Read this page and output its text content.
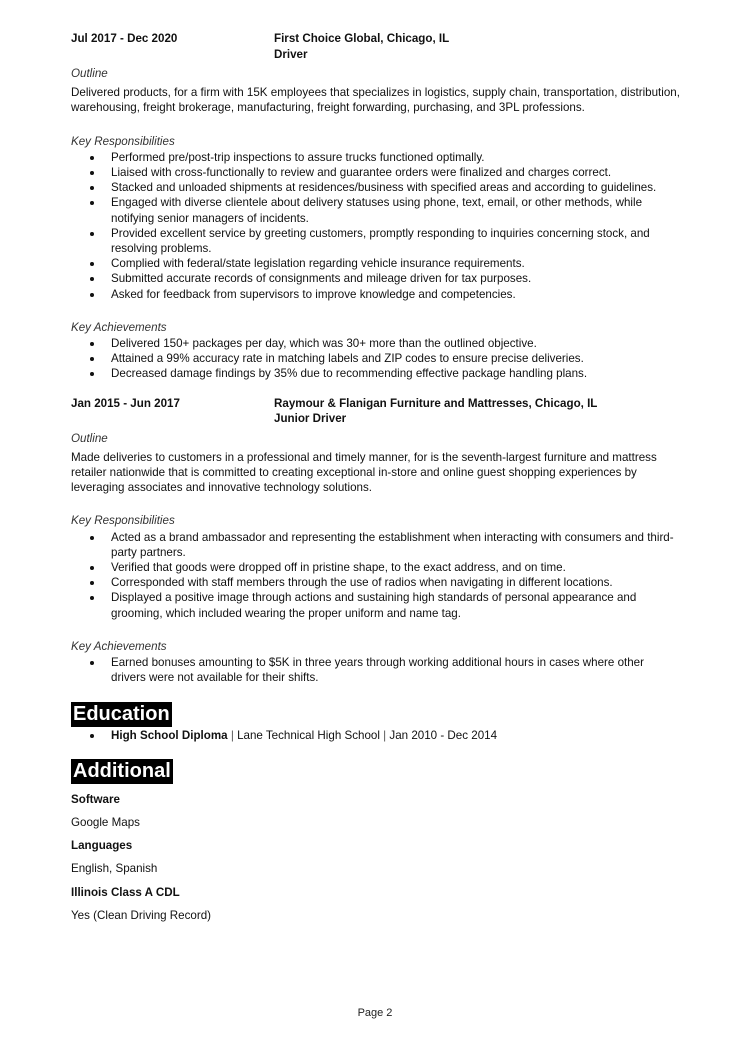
Jul 2017 - Dec 2020	First Choice Global, Chicago, IL
Driver
Outline
Delivered products, for a firm with 15K employees that specializes in logistics, supply chain, transportation, distribution, warehousing, freight brokerage, manufacturing, freight forwarding, purchasing, and 3PL professions.
Key Responsibilities
Performed pre/post-trip inspections to assure trucks functioned optimally.
Liaised with cross-functionally to review and guarantee orders were finalized and charges correct.
Stacked and unloaded shipments at residences/business with specified areas and according to guidelines.
Engaged with diverse clientele about delivery statuses using phone, text, email, or other methods, while notifying senior managers of incidents.
Provided excellent service by greeting customers, promptly responding to inquiries concerning stock, and resolving problems.
Complied with federal/state legislation regarding vehicle insurance requirements.
Submitted accurate records of consignments and mileage driven for tax purposes.
Asked for feedback from supervisors to improve knowledge and competencies.
Key Achievements
Delivered 150+ packages per day, which was 30+ more than the outlined objective.
Attained a 99% accuracy rate in matching labels and ZIP codes to ensure precise deliveries.
Decreased damage findings by 35% due to recommending effective package handling plans.
Jan 2015 - Jun 2017	Raymour & Flanigan Furniture and Mattresses, Chicago, IL
Junior Driver
Outline
Made deliveries to customers in a professional and timely manner, for is the seventh-largest furniture and mattress retailer nationwide that is committed to creating exceptional in-store and online guest shopping experiences by leveraging associates and innovative technology solutions.
Key Responsibilities
Acted as a brand ambassador and representing the establishment when interacting with consumers and third-party partners.
Verified that goods were dropped off in pristine shape, to the exact address, and on time.
Corresponded with staff members through the use of radios when navigating in different locations.
Displayed a positive image through actions and sustaining high standards of personal appearance and grooming, which included wearing the proper uniform and name tag.
Key Achievements
Earned bonuses amounting to $5K in three years through working additional hours in cases where other drivers were not available for their shifts.
Education
High School Diploma | Lane Technical High School | Jan 2010 - Dec 2014
Additional
Software
Google Maps
Languages
English, Spanish
Illinois Class A CDL
Yes (Clean Driving Record)
Page 2
